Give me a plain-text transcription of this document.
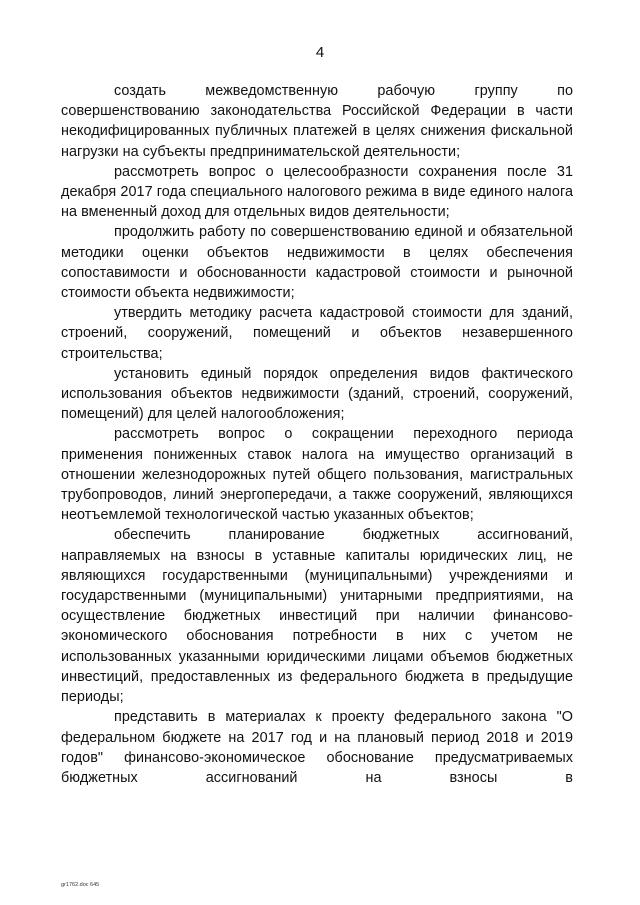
4

создать межведомственную рабочую группу по совершенствованию законодательства Российской Федерации в части некодифицированных публичных платежей в целях снижения фискальной нагрузки на субъекты предпринимательской деятельности;

рассмотреть вопрос о целесообразности сохранения после 31 декабря 2017 года специального налогового режима в виде единого налога на вмененный доход для отдельных видов деятельности;

продолжить работу по совершенствованию единой и обязательной методики оценки объектов недвижимости в целях обеспечения сопоставимости и обоснованности кадастровой стоимости и рыночной стоимости объекта недвижимости;

утвердить методику расчета кадастровой стоимости для зданий, строений, сооружений, помещений и объектов незавершенного строительства;

установить единый порядок определения видов фактического использования объектов недвижимости (зданий, строений, сооружений, помещений) для целей налогообложения;

рассмотреть вопрос о сокращении переходного периода применения пониженных ставок налога на имущество организаций в отношении железнодорожных путей общего пользования, магистральных трубопроводов, линий энергопередачи, а также сооружений, являющихся неотъемлемой технологической частью указанных объектов;

обеспечить планирование бюджетных ассигнований, направляемых на взносы в уставные капиталы юридических лиц, не являющихся государственными (муниципальными) учреждениями и государственными (муниципальными) унитарными предприятиями, на осуществление бюджетных инвестиций при наличии финансово-экономического обоснования потребности в них с учетом не использованных указанными юридическими лицами объемов бюджетных инвестиций, предоставленных из федерального бюджета в предыдущие периоды;

представить в материалах к проекту федерального закона "О федеральном бюджете на 2017 год и на плановый период 2018 и 2019 годов" финансово-экономическое обоснование предусматриваемых бюджетных ассигнований на взносы в

gr1762.doc 645
